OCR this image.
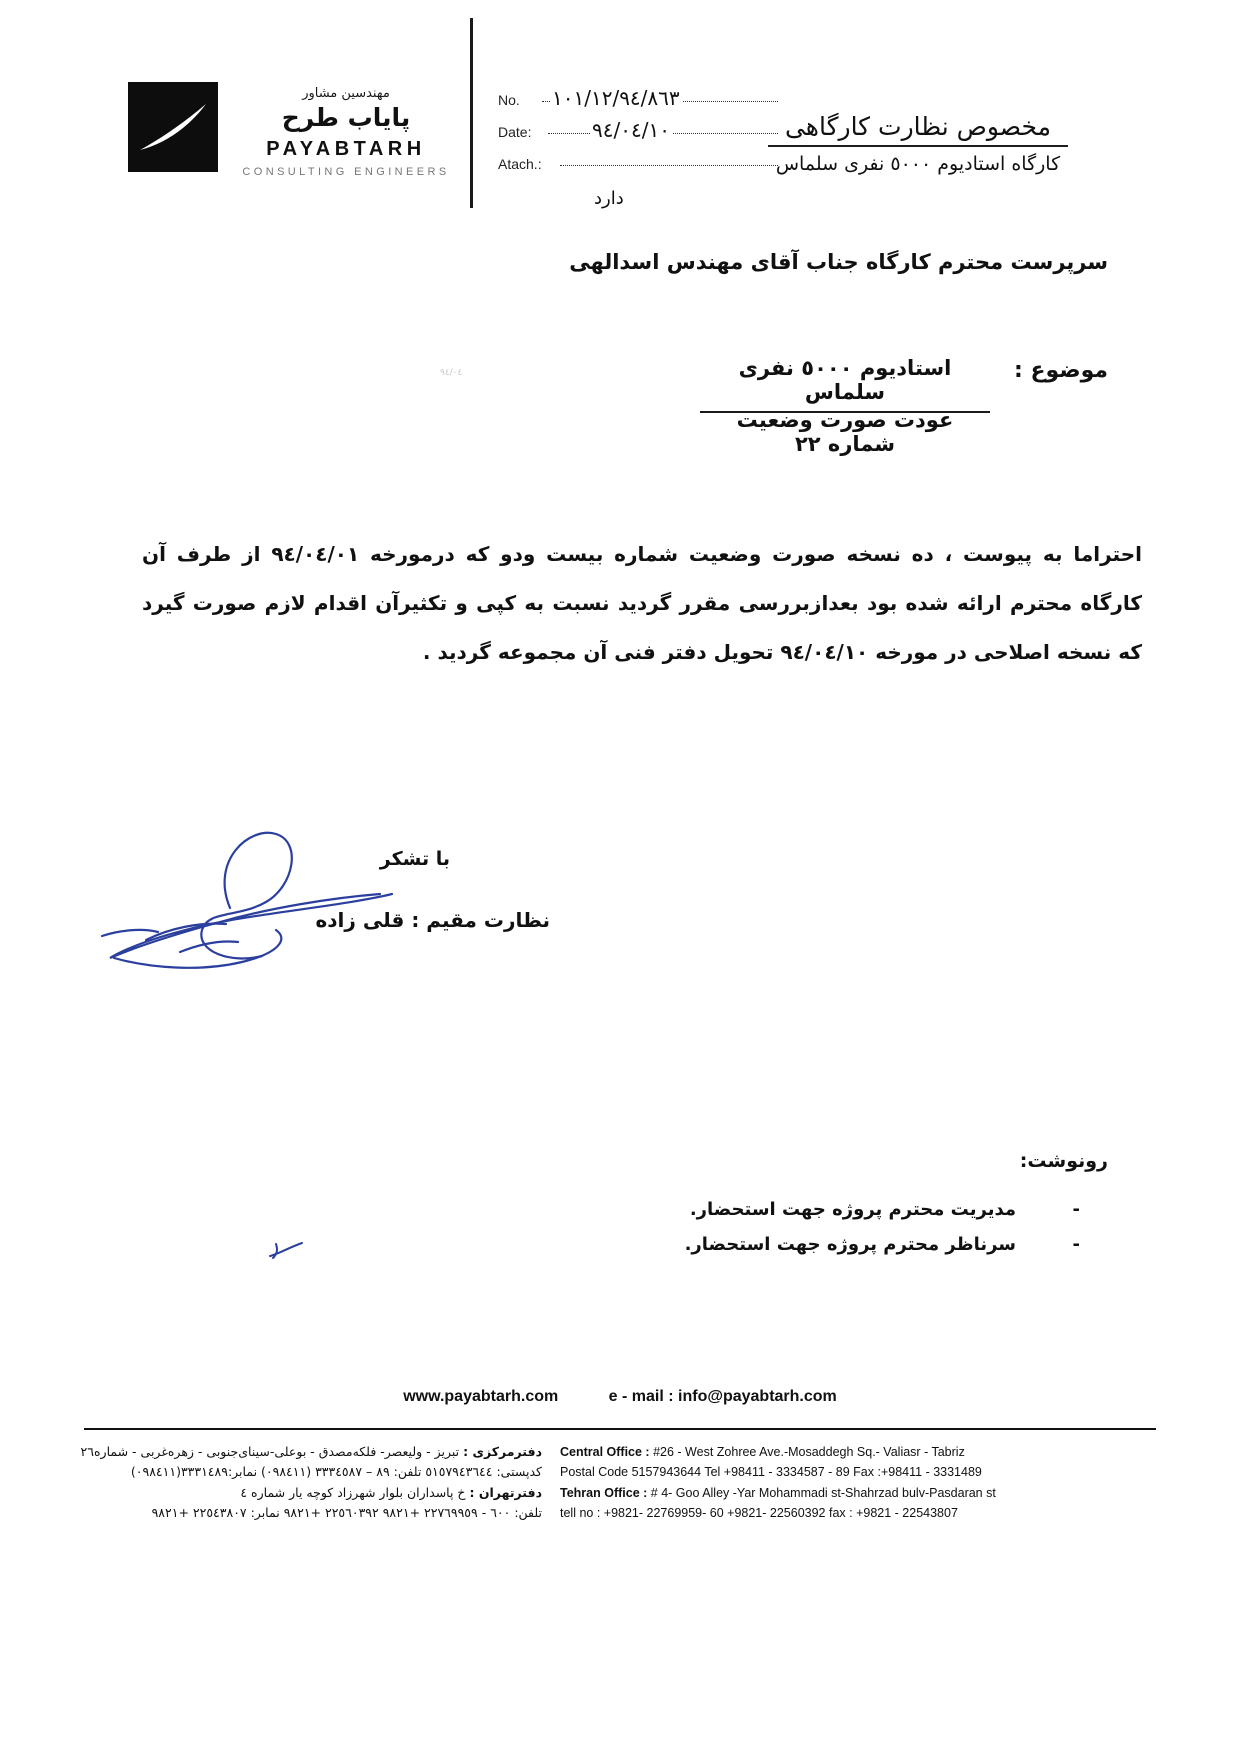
مهندسین مشاور
پایاب طرح
PAYABTARH
CONSULTING ENGINEERS
No. ١٠١/١٢/٩٤/٨٦٣
Date:	٩٤/٠٤/١٠
Atach.:
دارد
مخصوص نظارت کارگاهی
کارگاه استادیوم ٥٠٠٠ نفری سلماس
سرپرست محترم کارگاه جناب آقای مهندس اسدالهی
٩٤/٠٤	موضوع :
استادیوم ٥٠٠٠ نفری سلماس
عودت صورت وضعیت شماره ٢٢
احتراما به پیوست ، ده نسخه صورت وضعیت شماره بیست ودو که درمورخه ٩٤/٠٤/٠١ از طرف آن کارگاه محترم ارائه شده بود بعدازبررسی مقرر گردید نسبت به کپی و تکثیرآن اقدام لازم صورت گیرد که نسخه اصلاحی در مورخه ٩٤/٠٤/١٠ تحویل دفتر فنی آن مجموعه گردید .
با تشکر
نظارت مقیم : قلی زاده
رونوشت:
-
مدیریت محترم پروژه جهت استحضار.
-
سرناظر محترم پروژه جهت استحضار.
www.payabtarh.com	e - mail : info@payabtarh.com
Central Office : #26 - West Zohree Ave.-Mosaddegh Sq.- Valiasr - Tabriz
Postal Code 5157943644 Tel +98411 - 3334587 - 89 Fax :+98411 - 3331489
Tehran Office : # 4- Goo Alley -Yar Mohammadi st-Shahrzad bulv-Pasdaran st
tell no : +9821- 22769959- 60 +9821- 22560392 fax : +9821 - 22543807
دفترمرکزی : تبریز - ولیعصر- فلکه‌مصدق - بوعلی-سینای‌جنوبی - زهره‌غربی - شماره٢٦
کدپستی: ٥١٥٧٩٤٣٦٤٤ تلفن: ٨٩ – ٣٣٣٤٥٨٧ (٠٩٨٤١١) نمابر:٣٣٣١٤٨٩(٠٩٨٤١١)
دفترتهران : خ پاسداران بلوار شهرزاد کوچه یار شماره ٤
تلفن: ٦٠٠ - ٢٢٧٦٩٩٥٩ +٩٨٢١ ٢٢٥٦٠٣٩٢ +٩٨٢١ نمابر: ٢٢٥٤٣٨٠٧ +٩٨٢١
